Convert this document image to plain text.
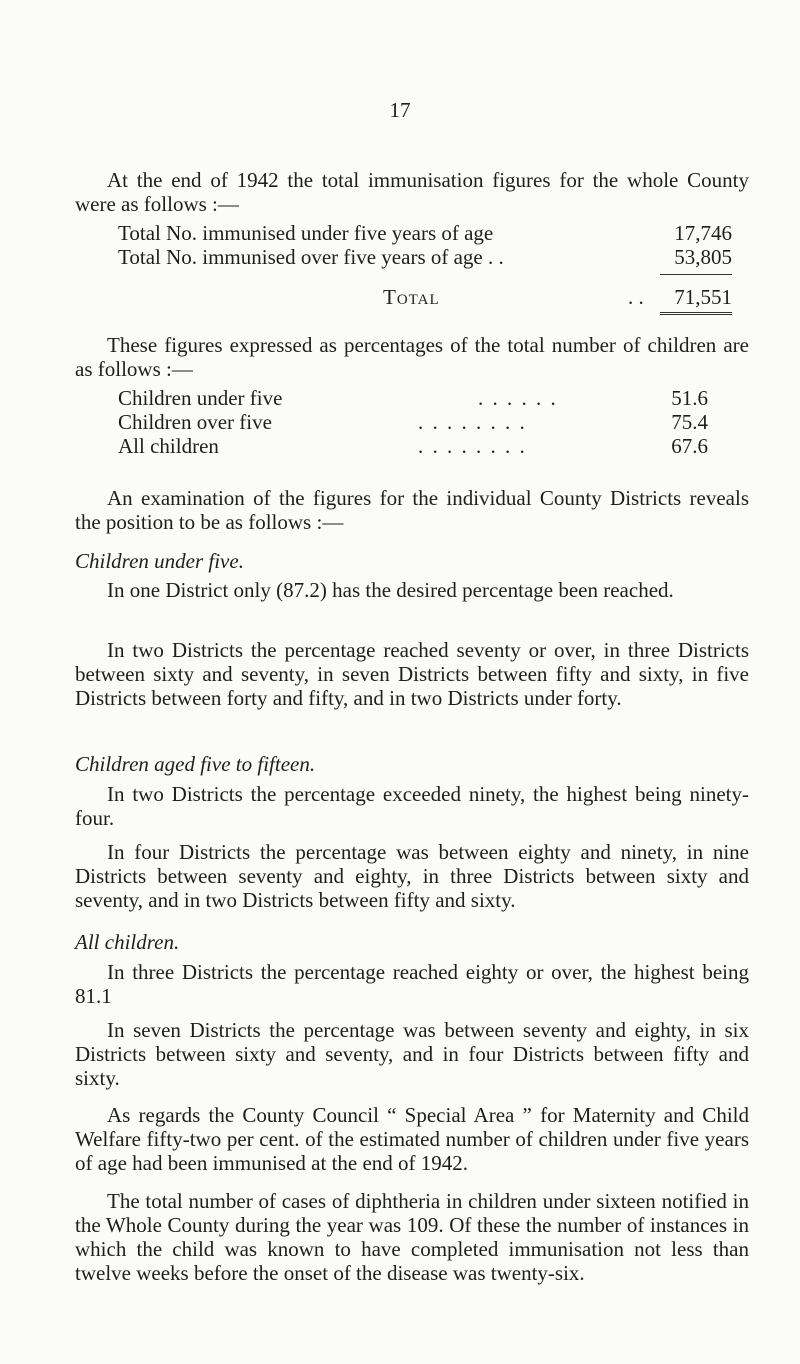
17

At the end of 1942 the total immunisation figures for the whole County were as follows :—

Total No. immunised under five years of age	17,746
Total No. immunised over five years of age . .	53,805
Total	. . 71,551

These figures expressed as percentages of the total number of children are as follows :—

Children under five	. . . . . .	51.6
Children over five	. . . . . . . .	75.4
All children	. . . . . . . .	67.6

An examination of the figures for the individual County Districts reveals the position to be as follows :—

Children under five.

In one District only (87.2) has the desired percentage been reached.

In two Districts the percentage reached seventy or over, in three Districts between sixty and seventy, in seven Districts between fifty and sixty, in five Districts between forty and fifty, and in two Districts under forty.

Children aged five to fifteen.

In two Districts the percentage exceeded ninety, the highest being ninety-four.

In four Districts the percentage was between eighty and ninety, in nine Districts between seventy and eighty, in three Districts between sixty and seventy, and in two Districts between fifty and sixty.

All children.

In three Districts the percentage reached eighty or over, the highest being 81.1

In seven Districts the percentage was between seventy and eighty, in six Districts between sixty and seventy, and in four Districts between fifty and sixty.

As regards the County Council “ Special Area ” for Maternity and Child Welfare fifty-two per cent. of the estimated number of children under five years of age had been immunised at the end of 1942.

The total number of cases of diphtheria in children under sixteen notified in the Whole County during the year was 109. Of these the number of instances in which the child was known to have completed immunisation not less than twelve weeks before the onset of the disease was twenty-six.
